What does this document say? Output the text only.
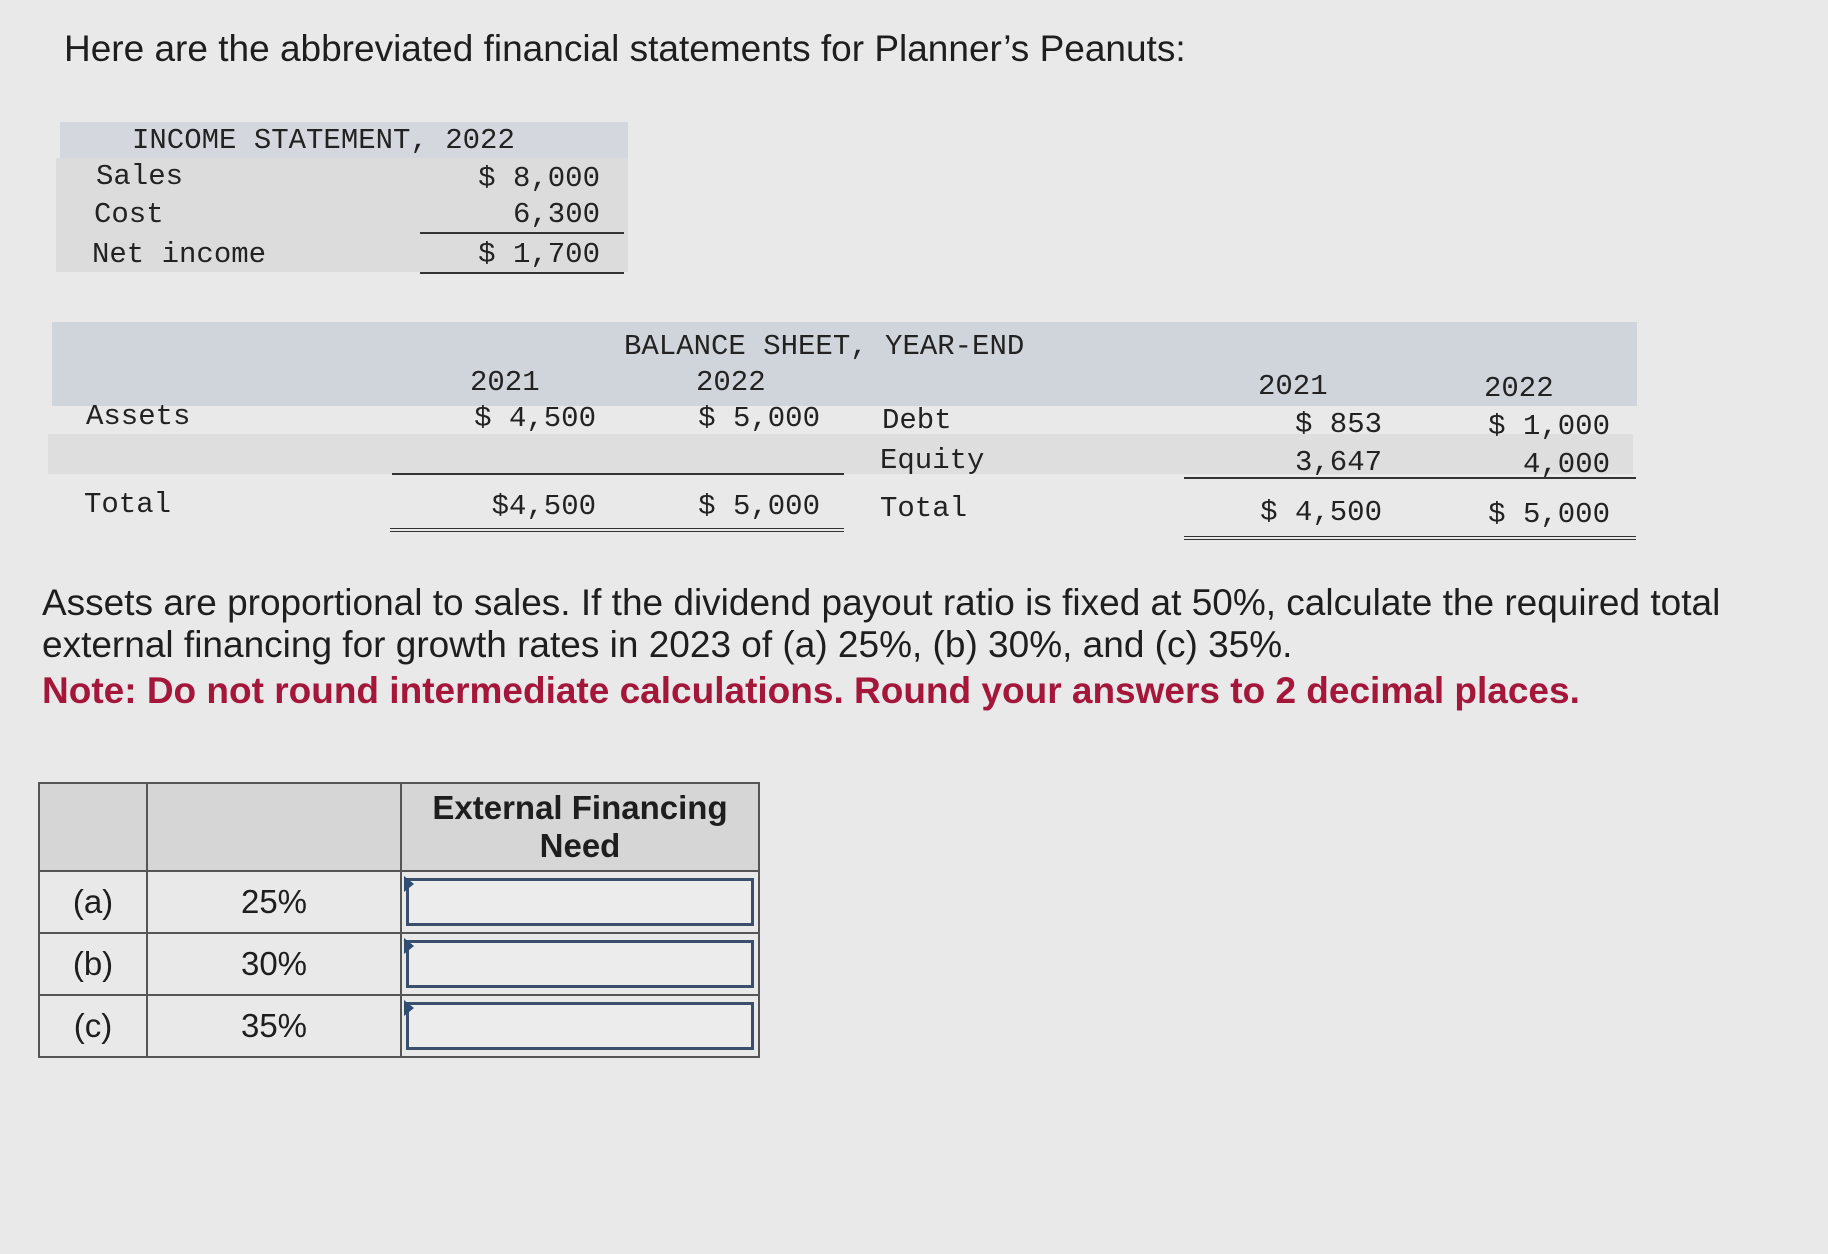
Here are the abbreviated financial statements for Planner’s Peanuts:
INCOME STATEMENT, 2022
Sales	$ 8,000
Cost	6,300
Net income	$ 1,700
BALANCE SHEET, YEAR-END
2021	2022	2021	2022
Assets	$ 4,500	$ 5,000 Debt	$ 853	$ 1,000
Equity	3,647	4,000
Total	$4,500	$ 5,000 Total	$ 4,500	$ 5,000

Assets are proportional to sales. If the dividend payout ratio is fixed at 50%, calculate the required total external financing for growth rates in 2023 of (a) 25%, (b) 30%, and (c) 35%.

Note: Do not round intermediate calculations. Round your answers to 2 decimal places.

		External Financing
Need
(a)	25%	
(b)	30%	
(c)	35%	
